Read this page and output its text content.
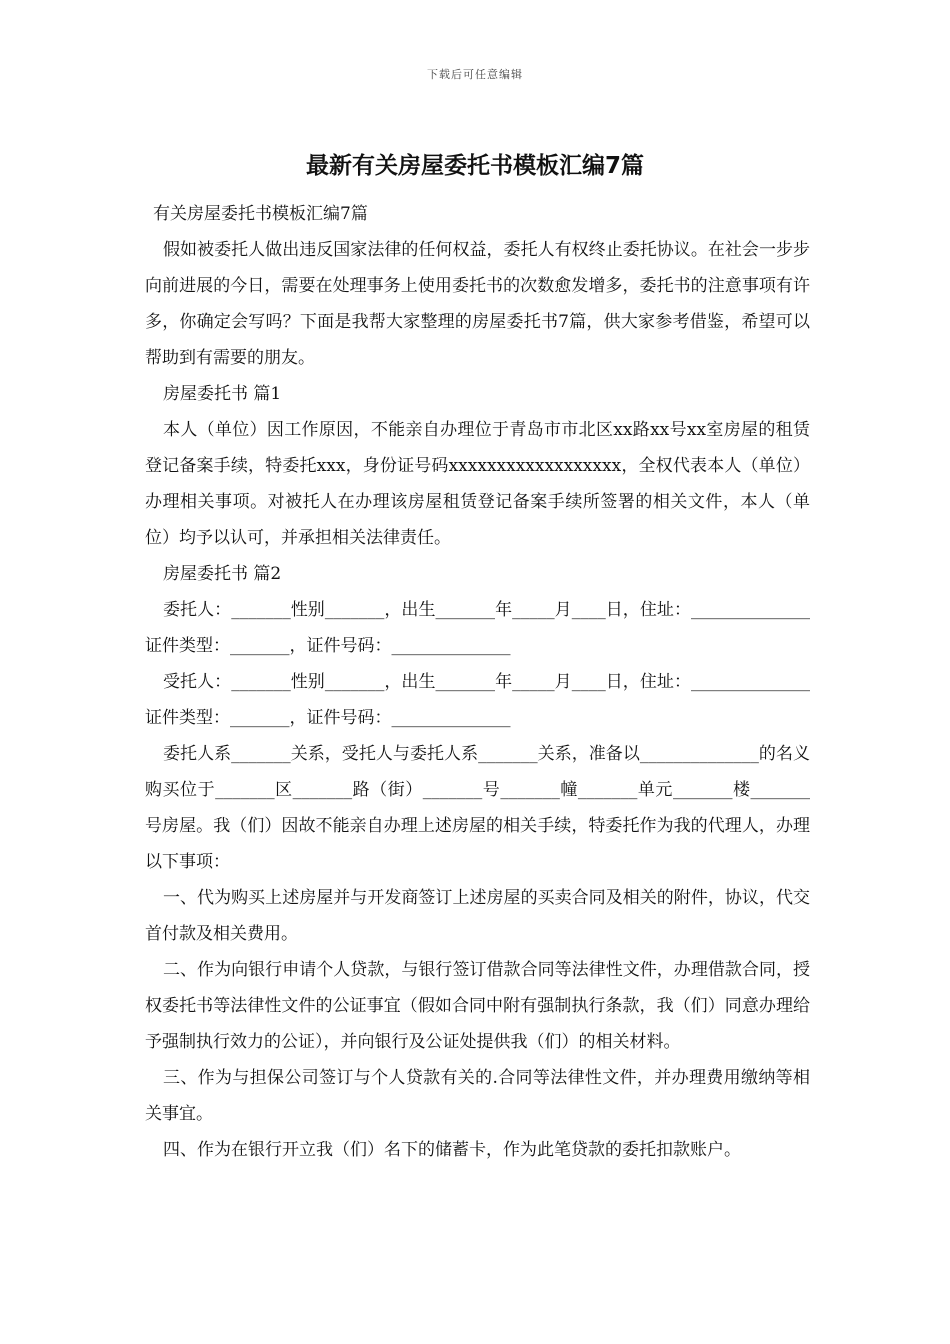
下载后可任意编辑
最新有关房屋委托书模板汇编7篇

有关房屋委托书模板汇编7篇

假如被委托人做出违反国家法律的任何权益，委托人有权终止委托协议。在社会一步步向前进展的今日，需要在处理事务上使用委托书的次数愈发增多，委托书的注意事项有许多，你确定会写吗？下面是我帮大家整理的房屋委托书7篇，供大家参考借鉴，希望可以帮助到有需要的朋友。

房屋委托书 篇1

本人（单位）因工作原因，不能亲自办理位于青岛市市北区xx路xx号xx室房屋的租赁登记备案手续，特委托xxx，身份证号码xxxxxxxxxxxxxxxxxx，全权代表本人（单位）办理相关事项。对被托人在办理该房屋租赁登记备案手续所签署的相关文件，本人（单位）均予以认可，并承担相关法律责任。

房屋委托书 篇2

委托人：_______性别_______，出生_______年_____月____日，住址：______________证件类型：_______，证件号码：______________

受托人：_______性别_______，出生_______年_____月____日，住址：______________证件类型：_______，证件号码：______________

委托人系_______关系，受托人与委托人系_______关系，准备以______________的名义购买位于_______区_______路（街）_______号_______幢_______单元_______楼_______号房屋。我（们）因故不能亲自办理上述房屋的相关手续，特委托作为我的代理人，办理以下事项：

一、代为购买上述房屋并与开发商签订上述房屋的买卖合同及相关的附件，协议，代交首付款及相关费用。

二、作为向银行申请个人贷款，与银行签订借款合同等法律性文件，办理借款合同，授权委托书等法律性文件的公证事宜（假如合同中附有强制执行条款，我（们）同意办理给予强制执行效力的公证），并向银行及公证处提供我（们）的相关材料。

三、作为与担保公司签订与个人贷款有关的.合同等法律性文件，并办理费用缴纳等相关事宜。

四、作为在银行开立我（们）名下的储蓄卡，作为此笔贷款的委托扣款账户。
